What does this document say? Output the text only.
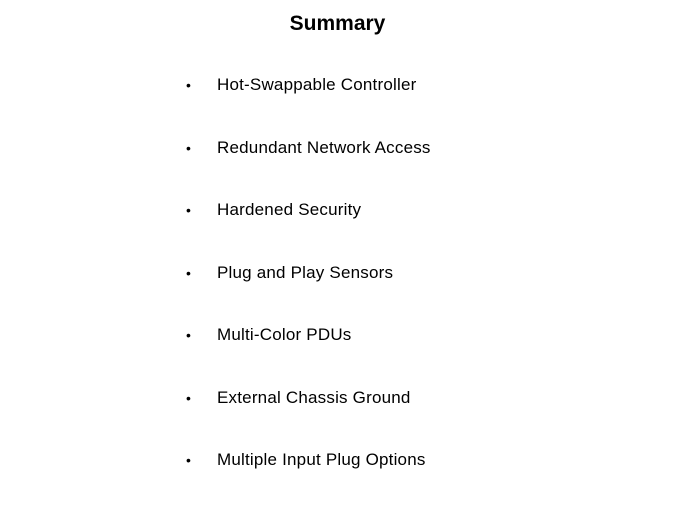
Summary
•	Hot-Swappable Controller
•	Redundant Network Access
•	Hardened Security
•	Plug and Play Sensors
•	Multi-Color PDUs
•	External Chassis Ground
•	Multiple Input Plug Options
